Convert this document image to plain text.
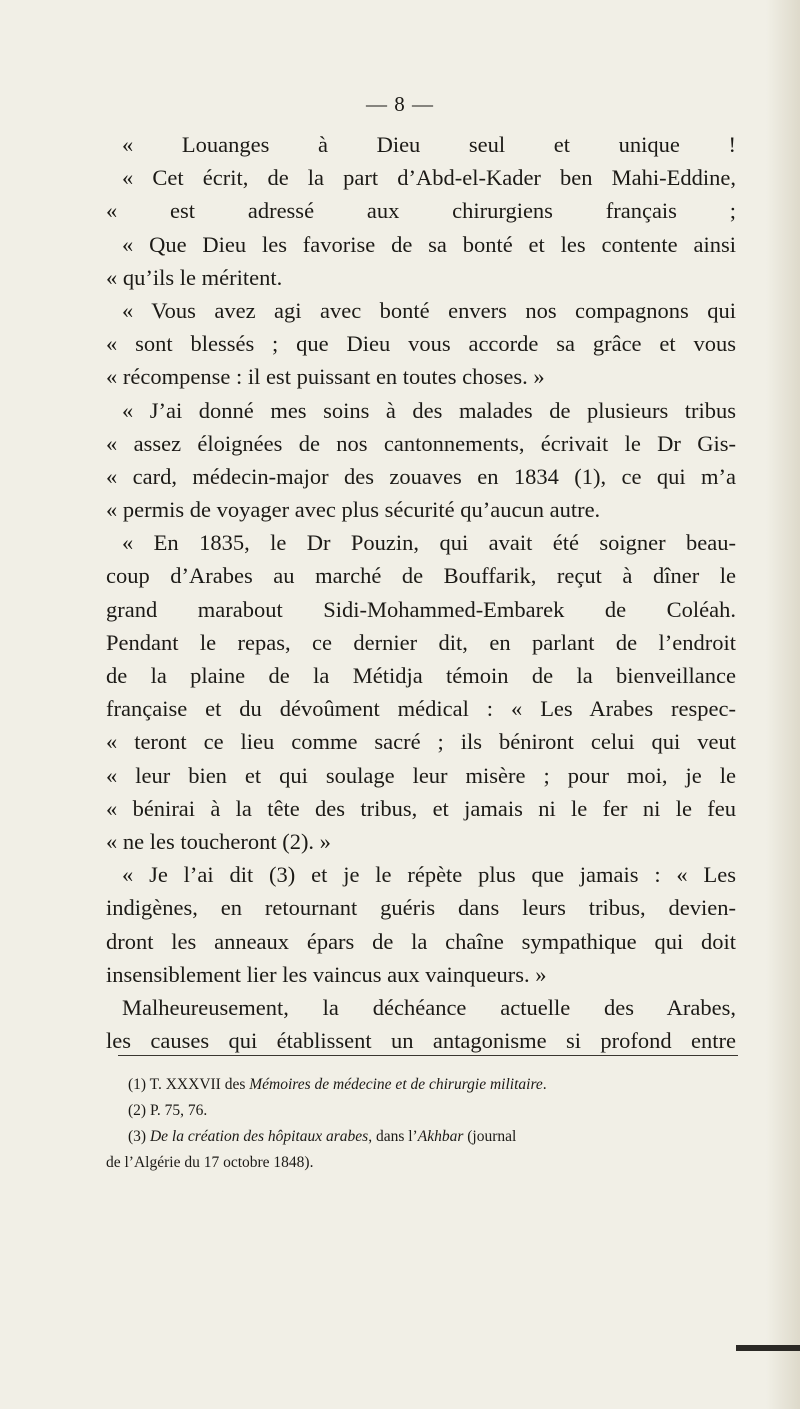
— 8 —
« Louanges à Dieu seul et unique !
« Cet écrit, de la part d’Abd-el-Kader ben Mahi-Eddine,
« est adressé aux chirurgiens français ;
« Que Dieu les favorise de sa bonté et les contente ainsi
« qu’ils le méritent.
« Vous avez agi avec bonté envers nos compagnons qui
« sont blessés ; que Dieu vous accorde sa grâce et vous
« récompense : il est puissant en toutes choses. »
« J’ai donné mes soins à des malades de plusieurs tribus
« assez éloignées de nos cantonnements, écrivait le Dr Gis-
« card, médecin-major des zouaves en 1834 (1), ce qui m’a
« permis de voyager avec plus sécurité qu’aucun autre.
« En 1835, le Dr Pouzin, qui avait été soigner beau-
coup d’Arabes au marché de Bouffarik, reçut à dîner le
grand marabout Sidi-Mohammed-Embarek de Coléah.
Pendant le repas, ce dernier dit, en parlant de l’endroit
de la plaine de la Métidja témoin de la bienveillance
française et du dévoûment médical : « Les Arabes respec-
« teront ce lieu comme sacré ; ils béniront celui qui veut
« leur bien et qui soulage leur misère ; pour moi, je le
« bénirai à la tête des tribus, et jamais ni le fer ni le feu
« ne les toucheront (2). »
« Je l’ai dit (3) et je le répète plus que jamais : « Les
indigènes, en retournant guéris dans leurs tribus, devien-
dront les anneaux épars de la chaîne sympathique qui doit
insensiblement lier les vaincus aux vainqueurs. »
Malheureusement, la déchéance actuelle des Arabes,
les causes qui établissent un antagonisme si profond entre
(1) T. XXXVII des Mémoires de médecine et de chirurgie militaire.
(2) P. 75, 76.
(3) De la création des hôpitaux arabes, dans l’Akhbar (journal
de l’Algérie du 17 octobre 1848).
